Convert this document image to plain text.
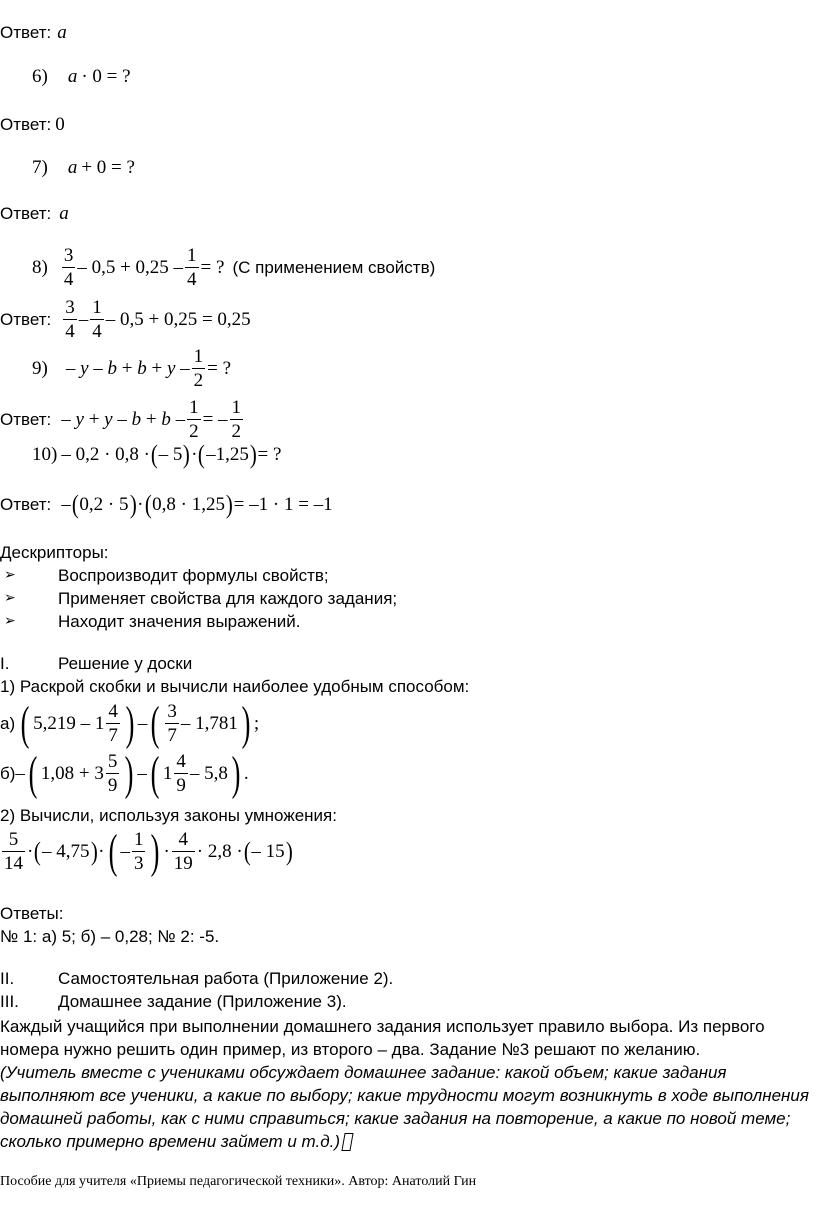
Ответ: a
6) a · 0 = ?
Ответ: 0
7) a + 0 = ?
Ответ: a
$8) \frac{3}{4} - 0,5 + 0,25 - \frac{1}{4}$ = ? (С применением свойств)
Ответ: $\frac{3}{4} - \frac{1}{4} - 0,5 + 0,25 = 0,25$
$9) - y - b + b + y - \frac{1}{2}$ = ?
Ответ: – $y + y - b + b - \frac{1}{2}$ = – $\frac{1}{2}$
10) – 0,2 · 0,8 · ( – 5 ) · ( –1,25 ) = ?
Ответ: – ( 0,2 · 5 ) · ( 0,8 · 1,25 ) = –1 · 1 = –1
Дескрипторы:
➢ Воспроизводит формулы свойств;
➢ Применяет свойства для каждого задания;
➢ Находит значения выражений.
I.	Решение у доски
1) Раскрой скобки и вычисли наиболее удобным способом:
а) ( $5,219 - 1 \frac{4}{7}$ ) – ( $\frac{3}{7} - 1,781$ ) ;
б) – ( $1,08 + 3 \frac{5}{9}$ ) – ( $1 \frac{4}{9} - 5,8$ ) .
2) Вычисли, используя законы умножения:
$\frac{5}{14}$ · ( – 4,75 ) · ( – $\frac{1}{3}$ ) · $\frac{4}{19} \cdot 2,8$ · ( – 15 )
Ответы:
№ 1: а) 5; б) – 0,28; № 2: -5.
II.	Самостоятельная работа (Приложение 2).
III. Домашнее задание (Приложение 3).
Каждый учащийся при выполнении домашнего задания использует правило выбора. Из первого
номера нужно решить один пример, из второго – два. Задание №3 решают по желанию.
(Учитель вместе с учениками обсуждает домашнее задание: какой объем; какие задания
выполняют все ученики, а какие по выбору; какие трудности могут возникнуть в ходе выполнения
домашней работы, как с ними справиться; какие задания на повторение, а какие по новой теме;
сколько примерно времени займет и т.д.)
Пособие для учителя «Приемы педагогической техники». Автор: Анатолий Гин
